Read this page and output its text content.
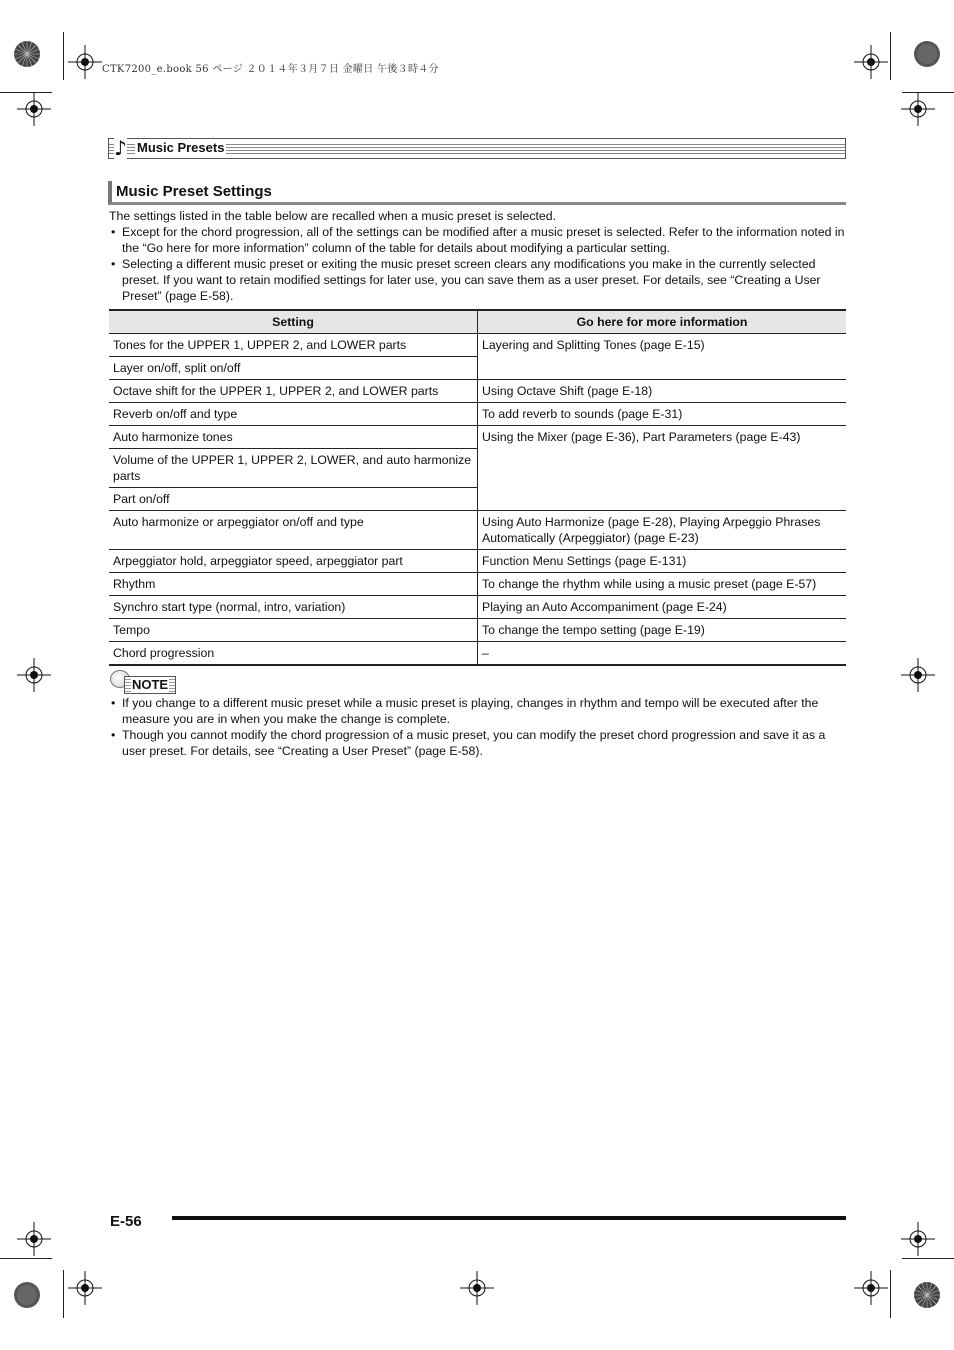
CTK7200_e.book 56 ページ ２０１４年３月７日 金曜日 午後３時４分
♪ Music Presets
Music Preset Settings
The settings listed in the table below are recalled when a music preset is selected.
• Except for the chord progression, all of the settings can be modified after a music preset is selected. Refer to the information noted in the “Go here for more information” column of the table for details about modifying a particular setting.
• Selecting a different music preset or exiting the music preset screen clears any modifications you make in the currently selected preset. If you want to retain modified settings for later use, you can save them as a user preset. For details, see “Creating a User Preset” (page E-58).
Setting	Go here for more information
Tones for the UPPER 1, UPPER 2, and LOWER parts	Layering and Splitting Tones (page E-15)
Layer on/off, split on/off	
Octave shift for the UPPER 1, UPPER 2, and LOWER parts	Using Octave Shift (page E-18)
Reverb on/off and type	To add reverb to sounds (page E-31)
Auto harmonize tones	Using the Mixer (page E-36), Part Parameters (page E-43)
Volume of the UPPER 1, UPPER 2, LOWER, and auto harmonize parts	
Part on/off	
Auto harmonize or arpeggiator on/off and type	Using Auto Harmonize (page E-28), Playing Arpeggio Phrases Automatically (Arpeggiator) (page E-23)
Arpeggiator hold, arpeggiator speed, arpeggiator part	Function Menu Settings (page E-131)
Rhythm	To change the rhythm while using a music preset (page E-57)
Synchro start type (normal, intro, variation)	Playing an Auto Accompaniment (page E-24)
Tempo	To change the tempo setting (page E-19)
Chord progression	–
NOTE
• If you change to a different music preset while a music preset is playing, changes in rhythm and tempo will be executed after the measure you are in when you make the change is complete.
• Though you cannot modify the chord progression of a music preset, you can modify the preset chord progression and save it as a user preset. For details, see “Creating a User Preset” (page E-58).
E-56
